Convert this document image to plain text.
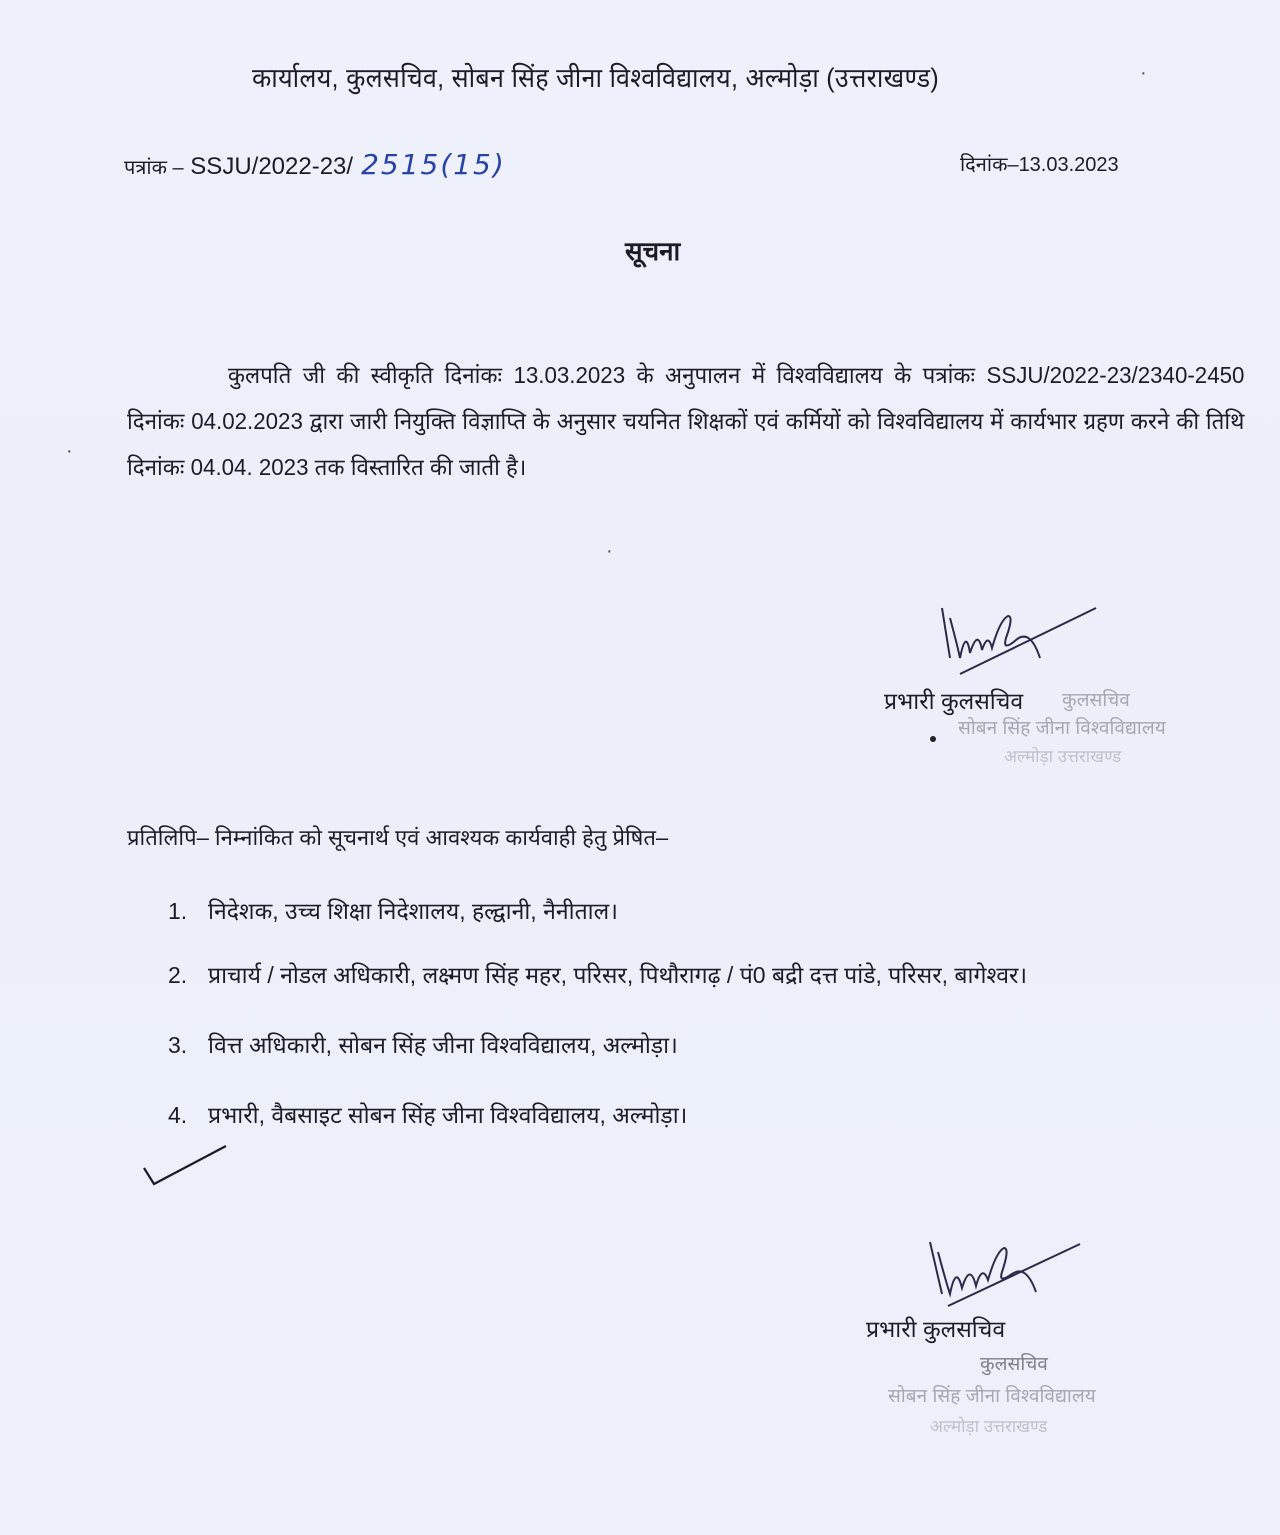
कार्यालय, कुलसचिव, सोबन सिंह जीना विश्वविद्यालय, अल्मोड़ा (उत्तराखण्ड)	·
पत्रांक – SSJU/2022-23/ 2515(15)	दिनांक–13.03.2023
सूचना
कुलपति जी की स्वीकृति दिनांकः 13.03.2023 के अनुपालन में विश्वविद्यालय के पत्रांकः SSJU/2022-23/2340-2450 दिनांकः 04.02.2023 द्वारा जारी नियुक्ति विज्ञाप्ति के अनुसार चयनित शिक्षकों एवं कर्मियों को विश्वविद्यालय में कार्यभार ग्रहण करने की तिथि दिनांकः 04.04. 2023 तक विस्तारित की जाती है।
·
·
प्रभारी कुलसचिव कुलसचिव
सोबन सिंह जीना विश्वविद्यालय
अल्मोड़ा उत्तराखण्ड
प्रतिलिपि– निम्नांकित को सूचनार्थ एवं आवश्यक कार्यवाही हेतु प्रेषित–
1. निदेशक, उच्च शिक्षा निदेशालय, हल्द्वानी, नैनीताल।
2. प्राचार्य / नोडल अधिकारी, लक्ष्मण सिंह महर, परिसर, पिथौरागढ़ / पं0 बद्री दत्त पांडे, परिसर, बागेश्वर।
3. वित्त अधिकारी, सोबन सिंह जीना विश्वविद्यालय, अल्मोड़ा।
4. प्रभारी, वैबसाइट सोबन सिंह जीना विश्वविद्यालय, अल्मोड़ा।
प्रभारी कुलसचिव
कुलसचिव
सोबन सिंह जीना विश्वविद्यालय
अल्मोड़ा उत्तराखण्ड
